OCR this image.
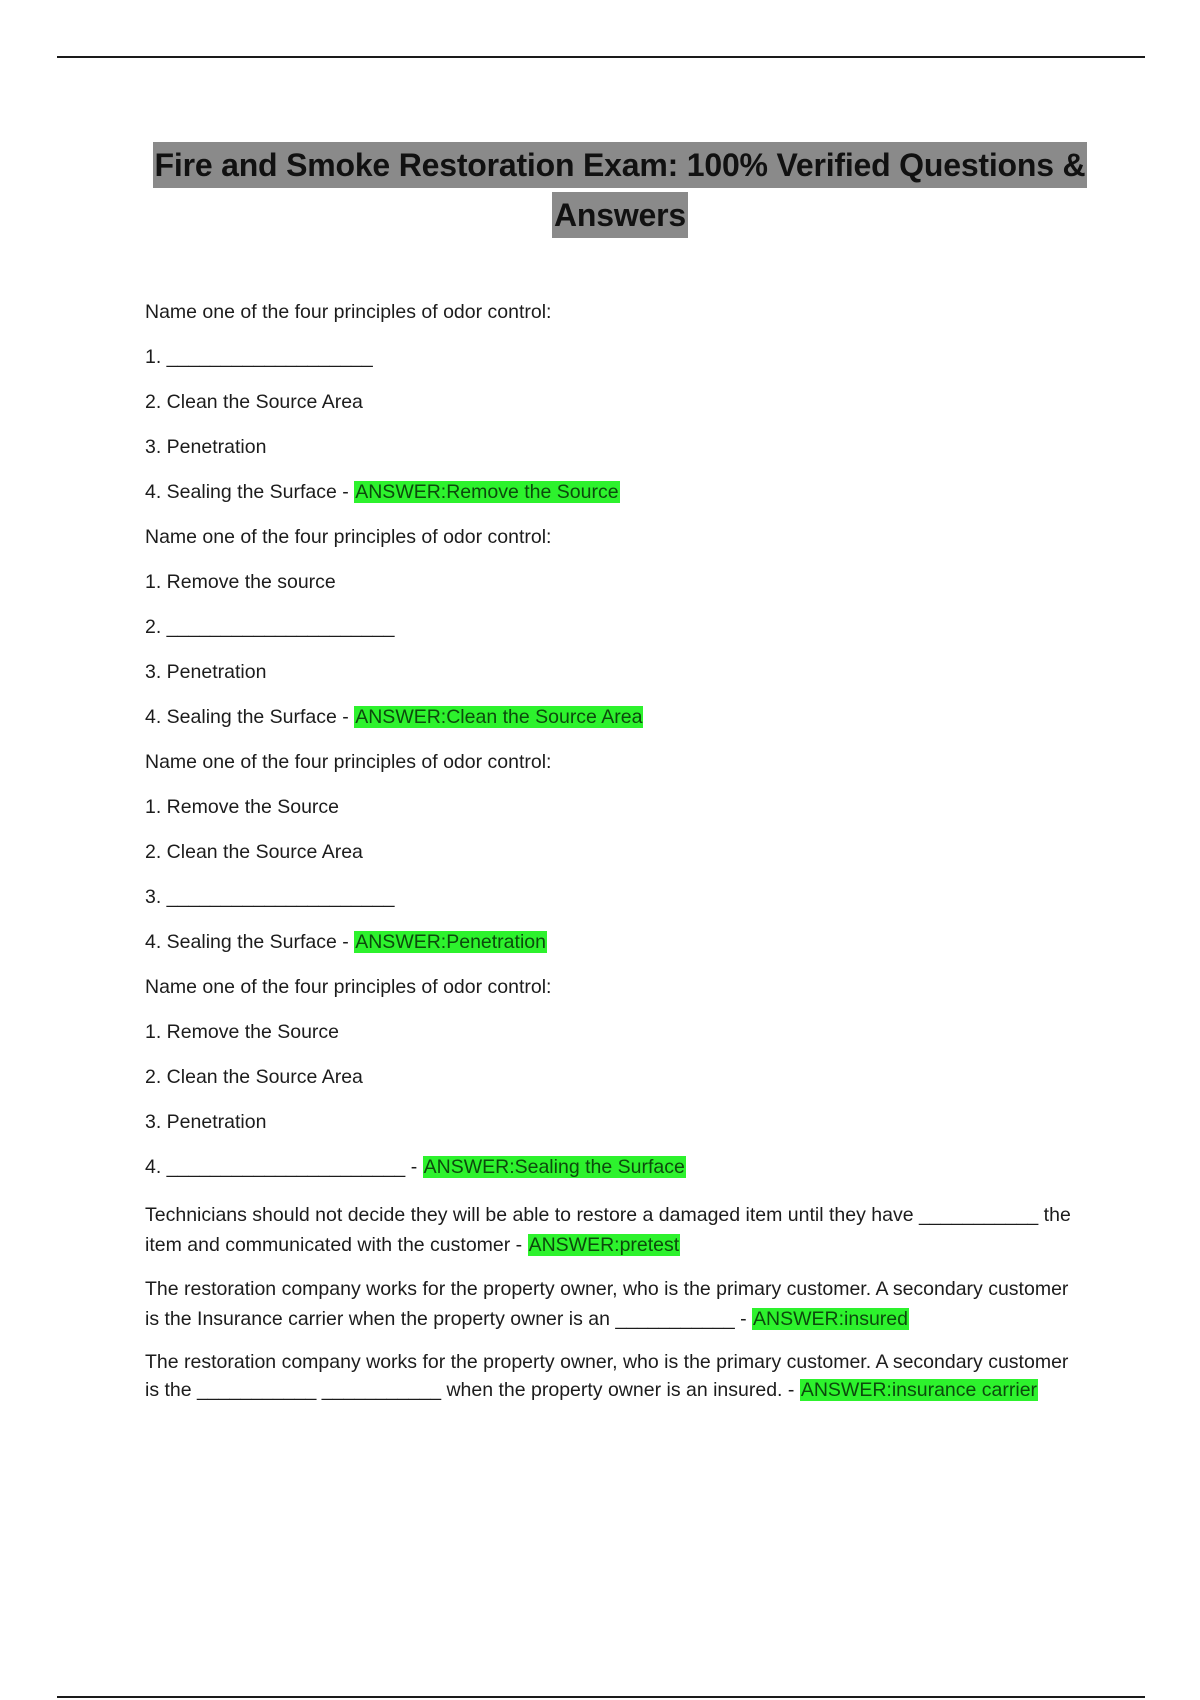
Fire and Smoke Restoration Exam: 100% Verified Questions &
Answers

Name one of the four principles of odor control:

1. ___________________

2. Clean the Source Area

3. Penetration

4. Sealing the Surface - ANSWER:Remove the Source

Name one of the four principles of odor control:

1. Remove the source

2. _____________________

3. Penetration

4. Sealing the Surface - ANSWER:Clean the Source Area

Name one of the four principles of odor control:

1. Remove the Source

2. Clean the Source Area

3. _____________________

4. Sealing the Surface - ANSWER:Penetration

Name one of the four principles of odor control:

1. Remove the Source

2. Clean the Source Area

3. Penetration

4. ______________________ - ANSWER:Sealing the Surface

Technicians should not decide they will be able to restore a damaged item until they have ___________ the item and communicated with the customer - ANSWER:pretest

The restoration company works for the property owner, who is the primary customer. A secondary customer is the Insurance carrier when the property owner is an ___________ - ANSWER:insured

The restoration company works for the property owner, who is the primary customer. A secondary customer is the ___________ ___________ when the property owner is an insured. - ANSWER:insurance carrier
